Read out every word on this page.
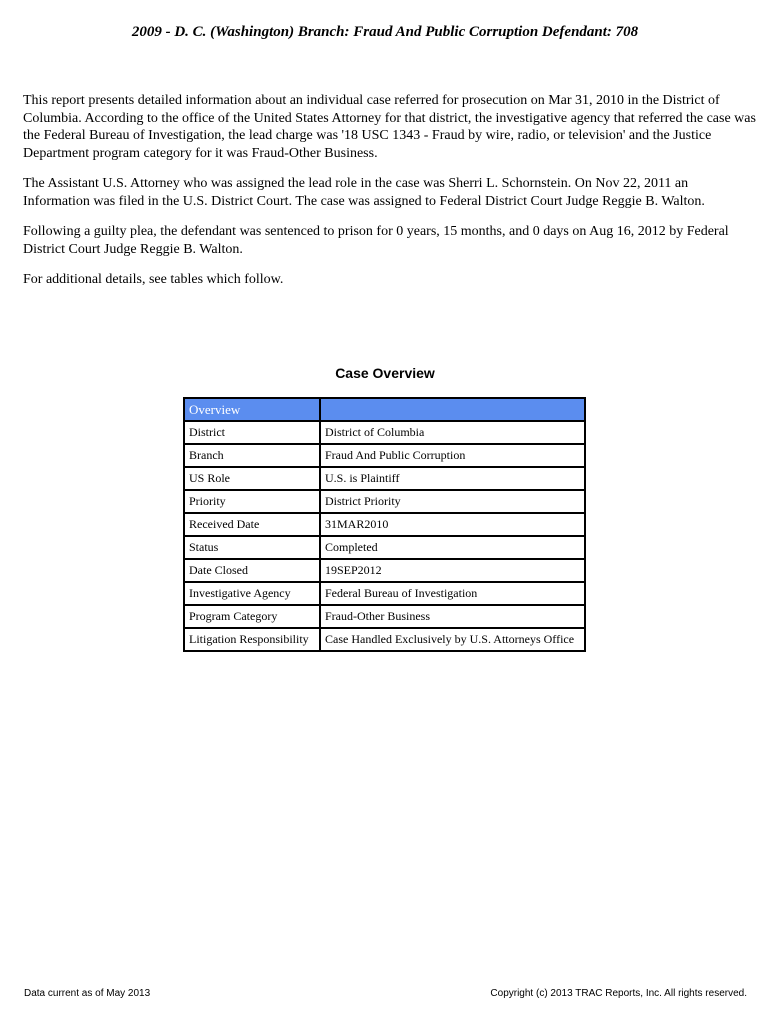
2009 - D. C. (Washington) Branch: Fraud And Public Corruption Defendant: 708

This report presents detailed information about an individual case referred for prosecution on Mar 31, 2010 in the District of Columbia. According to the office of the United States Attorney for that district, the investigative agency that referred the case was the Federal Bureau of Investigation, the lead charge was '18 USC 1343 - Fraud by wire, radio, or television' and the Justice Department program category for it was Fraud-Other Business.

The Assistant U.S. Attorney who was assigned the lead role in the case was Sherri L. Schornstein. On Nov 22, 2011 an Information was filed in the U.S. District Court. The case was assigned to Federal District Court Judge Reggie B. Walton.

Following a guilty plea, the defendant was sentenced to prison for 0 years, 15 months, and 0 days on Aug 16, 2012 by Federal District Court Judge Reggie B. Walton.

For additional details, see tables which follow.

Case Overview
Overview	
District	District of Columbia
Branch	Fraud And Public Corruption
US Role	U.S. is Plaintiff
Priority	District Priority
Received Date	31MAR2010
Status	Completed
Date Closed	19SEP2012
Investigative Agency	Federal Bureau of Investigation
Program Category	Fraud-Other Business
Litigation Responsibility	Case Handled Exclusively by U.S. Attorneys Office
Data current as of May 2013	Copyright (c) 2013 TRAC Reports, Inc. All rights reserved.
